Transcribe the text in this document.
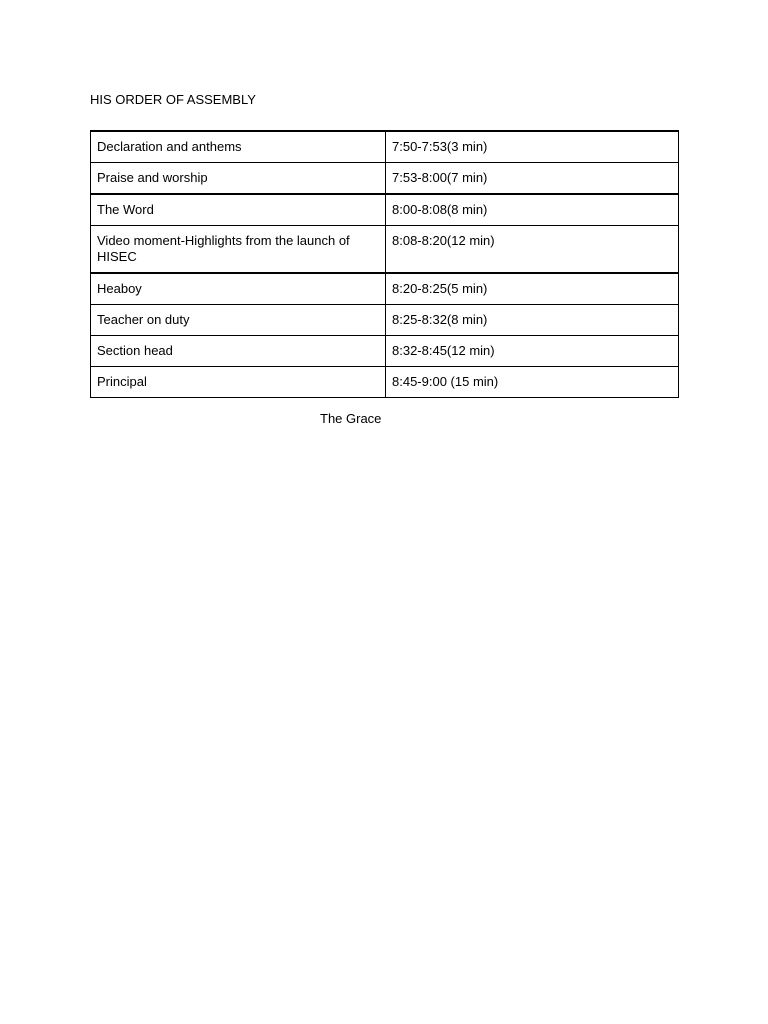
HIS ORDER OF ASSEMBLY
Declaration and anthems	7:50-7:53(3 min)
Praise and worship	7:53-8:00(7 min)
The Word	8:00-8:08(8 min)
Video moment-Highlights from the launch of HISEC	8:08-8:20(12 min)
Heaboy	8:20-8:25(5 min)
Teacher on duty	8:25-8:32(8 min)
Section head	8:32-8:45(12 min)
Principal	8:45-9:00 (15 min)

The Grace
